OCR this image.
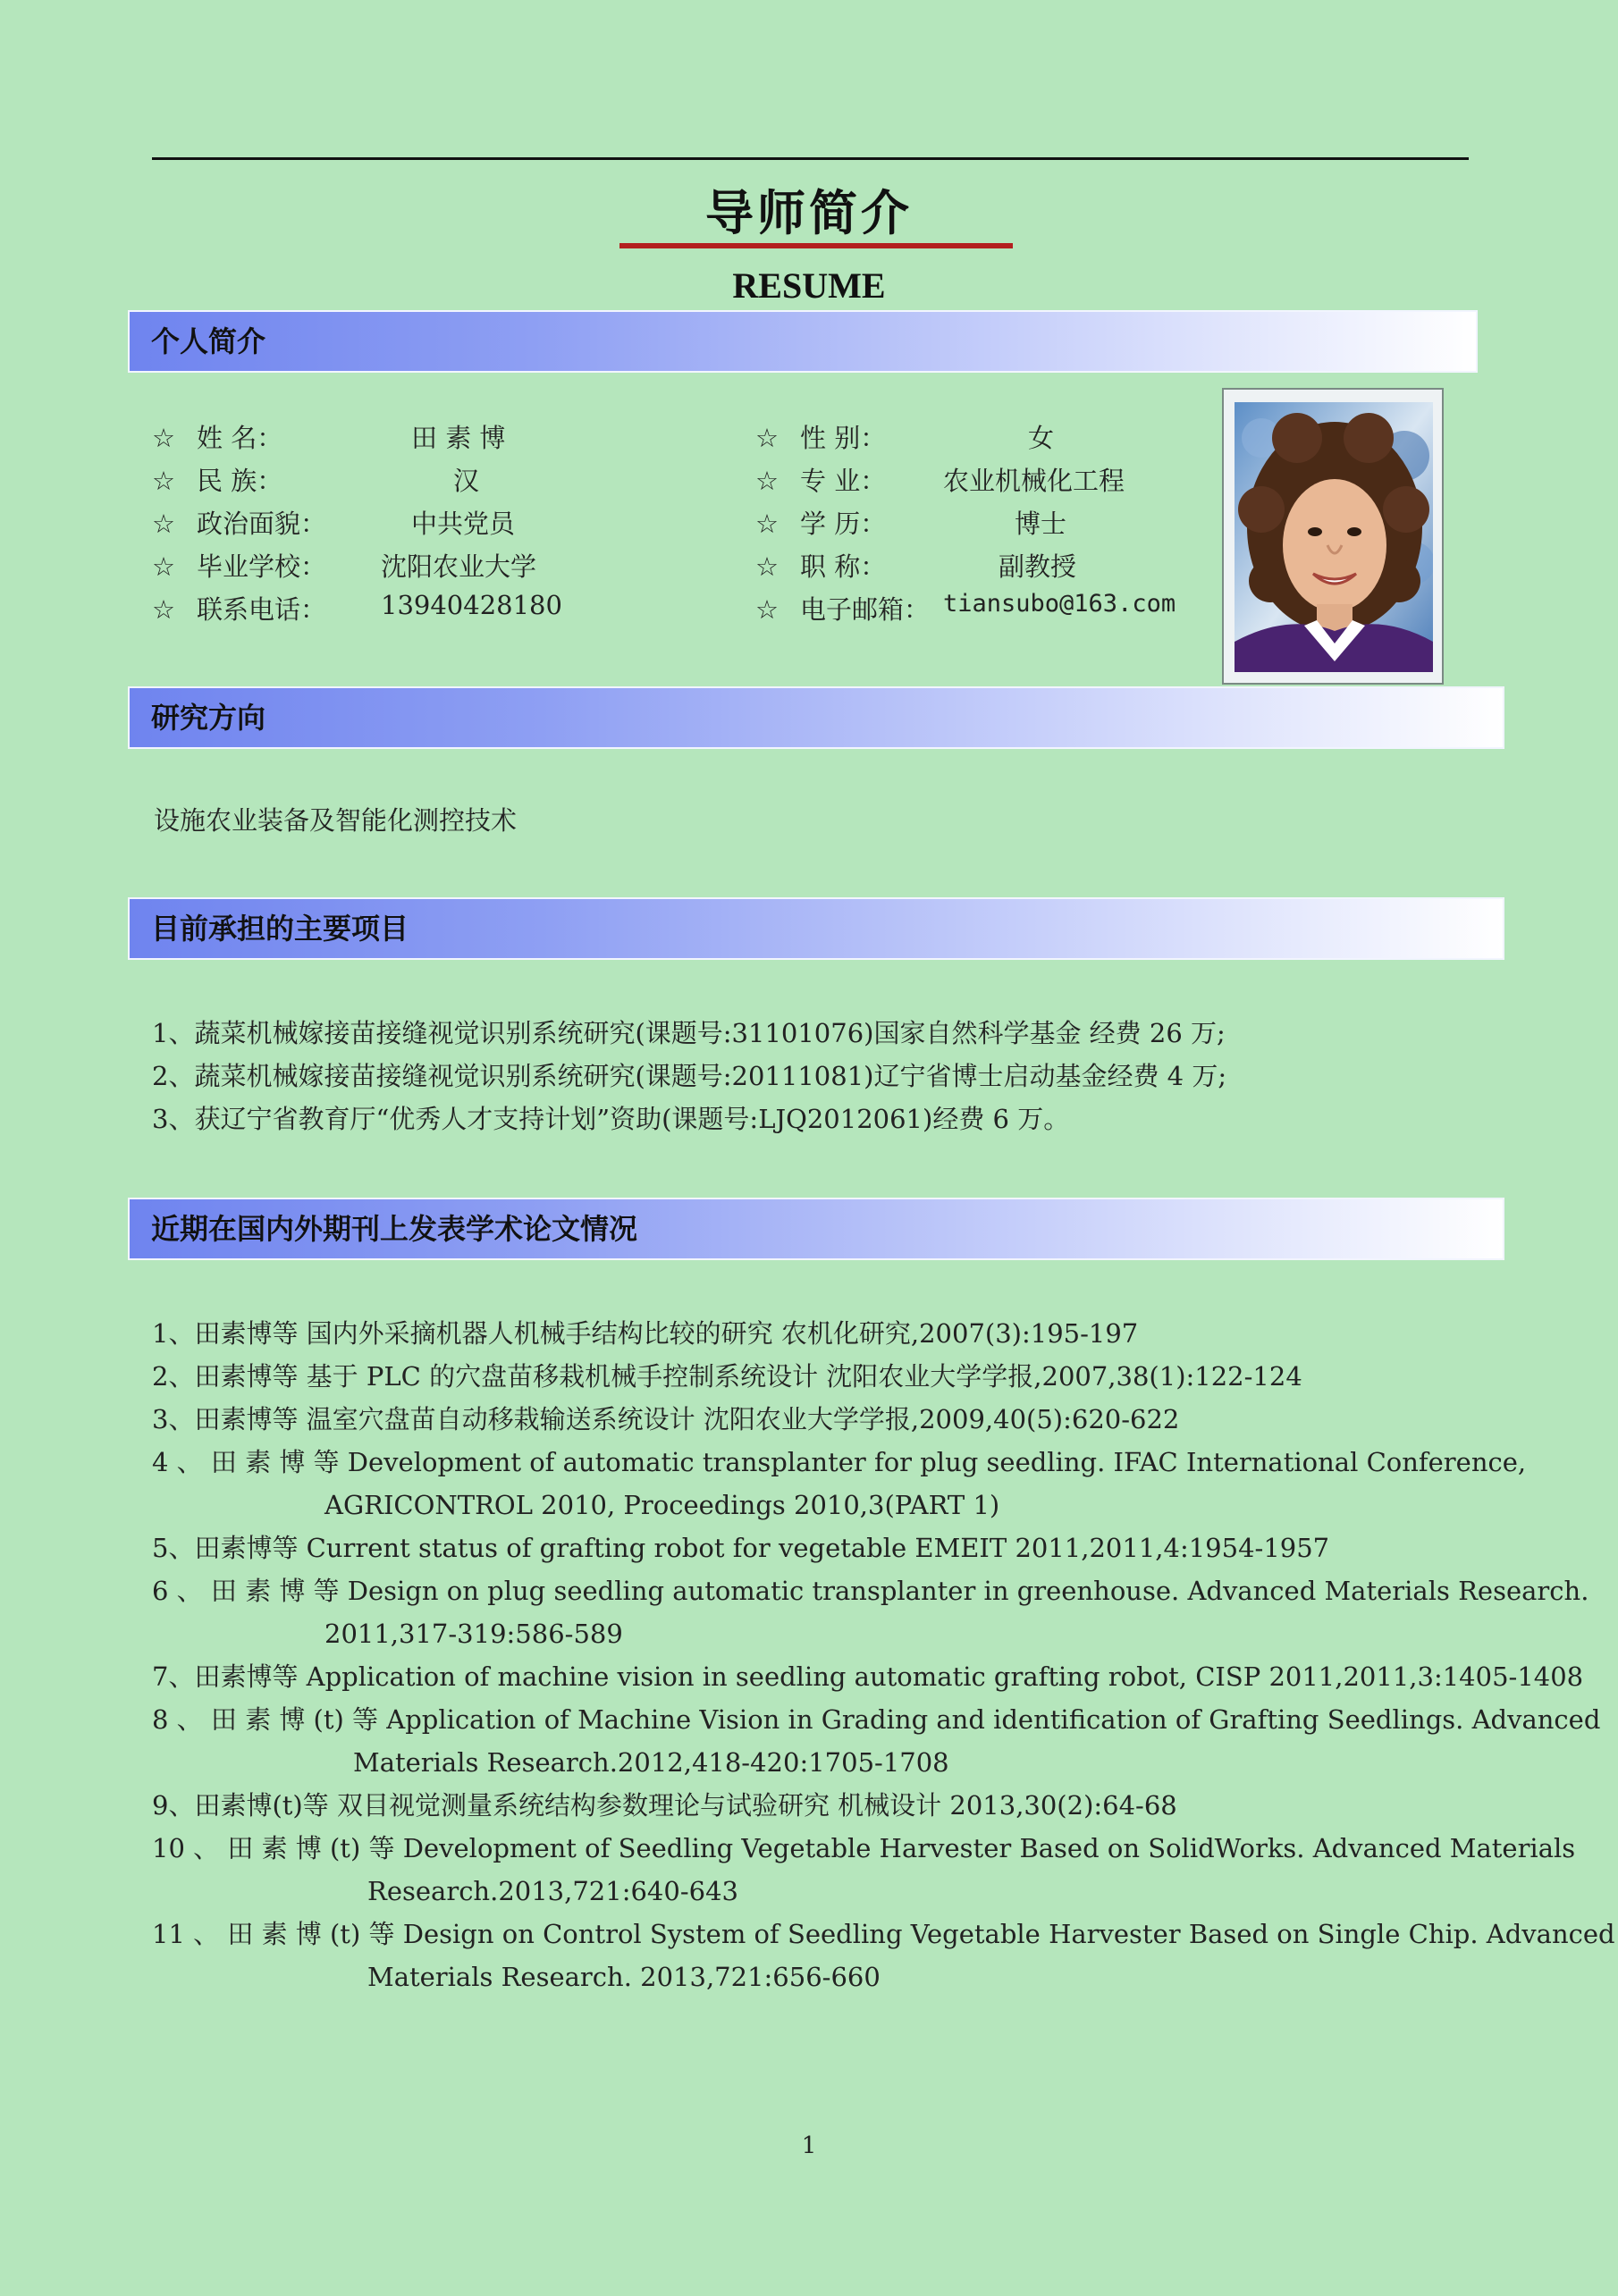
导师简介
RESUME
个人简介
☆ 姓 名：	田 素 博
☆ 民 族：	汉
☆ 政治面貌：	中共党员
☆ 毕业学校： 沈阳农业大学
☆ 联系电话： 13940428180
☆ 性 别：	女
☆ 专 业： 农业机械化工程
☆ 学 历：	博士
☆ 职 称：	副教授
☆ 电子邮箱： tiansubo@163.com
研究方向
设施农业装备及智能化测控技术
目前承担的主要项目
1、蔬菜机械嫁接苗接缝视觉识别系统研究(课题号:31101076)国家自然科学基金 经费 26 万;
2、蔬菜机械嫁接苗接缝视觉识别系统研究(课题号:20111081)辽宁省博士启动基金经费 4 万;
3、获辽宁省教育厅“优秀人才支持计划”资助(课题号:LJQ2012061)经费 6 万。
近期在国内外期刊上发表学术论文情况
1、田素博等 国内外采摘机器人机械手结构比较的研究 农机化研究,2007(3):195-197
2、田素博等 基于 PLC 的穴盘苗移栽机械手控制系统设计 沈阳农业大学学报,2007,38(1):122-124
3、田素博等 温室穴盘苗自动移栽输送系统设计 沈阳农业大学学报,2009,40(5):620-622
4 、 田 素 博 等 Development of automatic transplanter for plug seedling. IFAC International Conference,
AGRICONTROL 2010, Proceedings 2010,3(PART 1)
5、田素博等 Current status of grafting robot for vegetable EMEIT 2011,2011,4:1954-1957
6 、 田 素 博 等 Design on plug seedling automatic transplanter in greenhouse. Advanced Materials Research.
2011,317-319:586-589
7、田素博等 Application of machine vision in seedling automatic grafting robot, CISP 2011,2011,3:1405-1408
8 、 田 素 博 (t) 等 Application of Machine Vision in Grading and identification of Grafting Seedlings. Advanced
Materials Research.2012,418-420:1705-1708
9、田素博(t)等 双目视觉测量系统结构参数理论与试验研究 机械设计 2013,30(2):64-68
10 、 田 素 博 (t) 等 Development of Seedling Vegetable Harvester Based on SolidWorks. Advanced Materials
Research.2013,721:640-643
11 、 田 素 博 (t) 等 Design on Control System of Seedling Vegetable Harvester Based on Single Chip. Advanced
Materials Research. 2013,721:656-660
1
